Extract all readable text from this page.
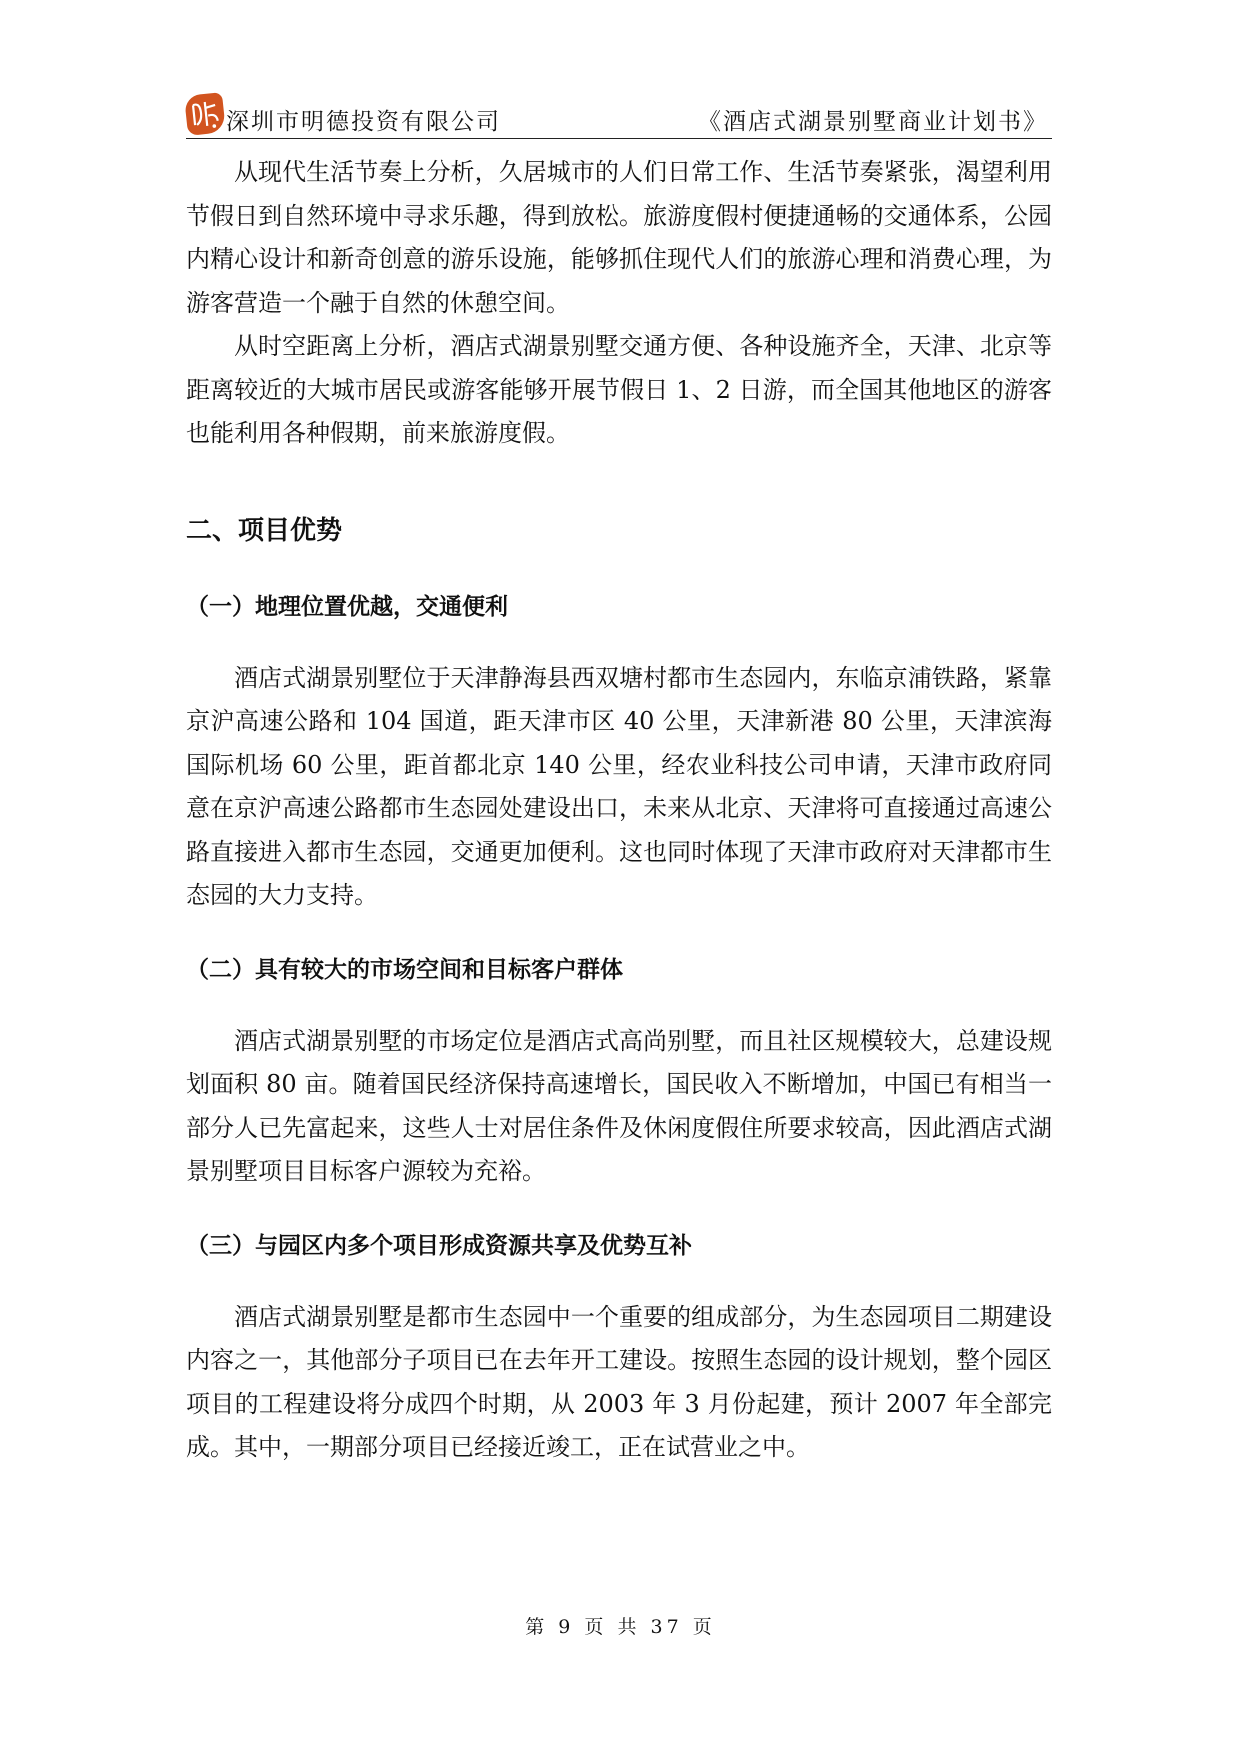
深圳市明德投资有限公司	《酒店式湖景别墅商业计划书》

从现代生活节奏上分析，久居城市的人们日常工作、生活节奏紧张，渴望利用节假日到自然环境中寻求乐趣，得到放松。旅游度假村便捷通畅的交通体系，公园内精心设计和新奇创意的游乐设施，能够抓住现代人们的旅游心理和消费心理，为游客营造一个融于自然的休憩空间。

从时空距离上分析，酒店式湖景别墅交通方便、各种设施齐全，天津、北京等距离较近的大城市居民或游客能够开展节假日 1、2 日游，而全国其他地区的游客也能利用各种假期，前来旅游度假。

二、项目优势
（一）地理位置优越，交通便利

酒店式湖景别墅位于天津静海县西双塘村都市生态园内，东临京浦铁路，紧靠京沪高速公路和 104 国道，距天津市区 40 公里，天津新港 80 公里，天津滨海国际机场 60 公里，距首都北京 140 公里，经农业科技公司申请，天津市政府同意在京沪高速公路都市生态园处建设出口，未来从北京、天津将可直接通过高速公路直接进入都市生态园，交通更加便利。这也同时体现了天津市政府对天津都市生态园的大力支持。

（二）具有较大的市场空间和目标客户群体

酒店式湖景别墅的市场定位是酒店式高尚别墅，而且社区规模较大，总建设规划面积 80 亩。随着国民经济保持高速增长，国民收入不断增加，中国已有相当一部分人已先富起来，这些人士对居住条件及休闲度假住所要求较高，因此酒店式湖景别墅项目目标客户源较为充裕。

（三）与园区内多个项目形成资源共享及优势互补

酒店式湖景别墅是都市生态园中一个重要的组成部分，为生态园项目二期建设内容之一，其他部分子项目已在去年开工建设。按照生态园的设计规划，整个园区项目的工程建设将分成四个时期，从 2003 年 3 月份起建，预计 2007 年全部完成。其中，一期部分项目已经接近竣工，正在试营业之中。

第 9 页 共 37 页
